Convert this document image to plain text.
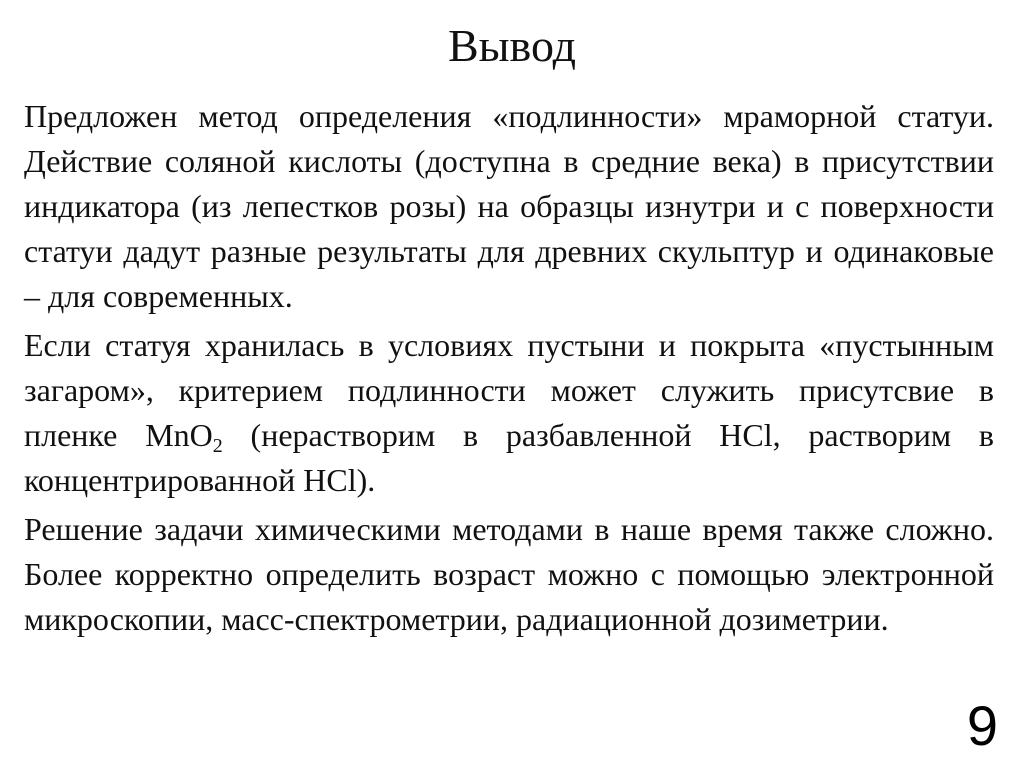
Вывод

Предложен метод определения «подлинности» мраморной статуи. Действие соляной кислоты (доступна в средние века) в присутствии индикатора (из лепестков розы) на образцы изнутри и с поверхности статуи дадут разные результаты для древних скульптур и одинаковые – для современных.

Если статуя хранилась в условиях пустыни и покрыта «пустынным загаром», критерием подлинности может служить присутсвие в пленке MnO$_2$ (нерастворим в разбавленной HCl, растворим в концентрированной HCl).

Решение задачи химическими методами в наше время также сложно. Более корректно определить возраст можно с помощью электронной микроскопии, масс-спектрометрии, радиационной дозиметрии.

9
